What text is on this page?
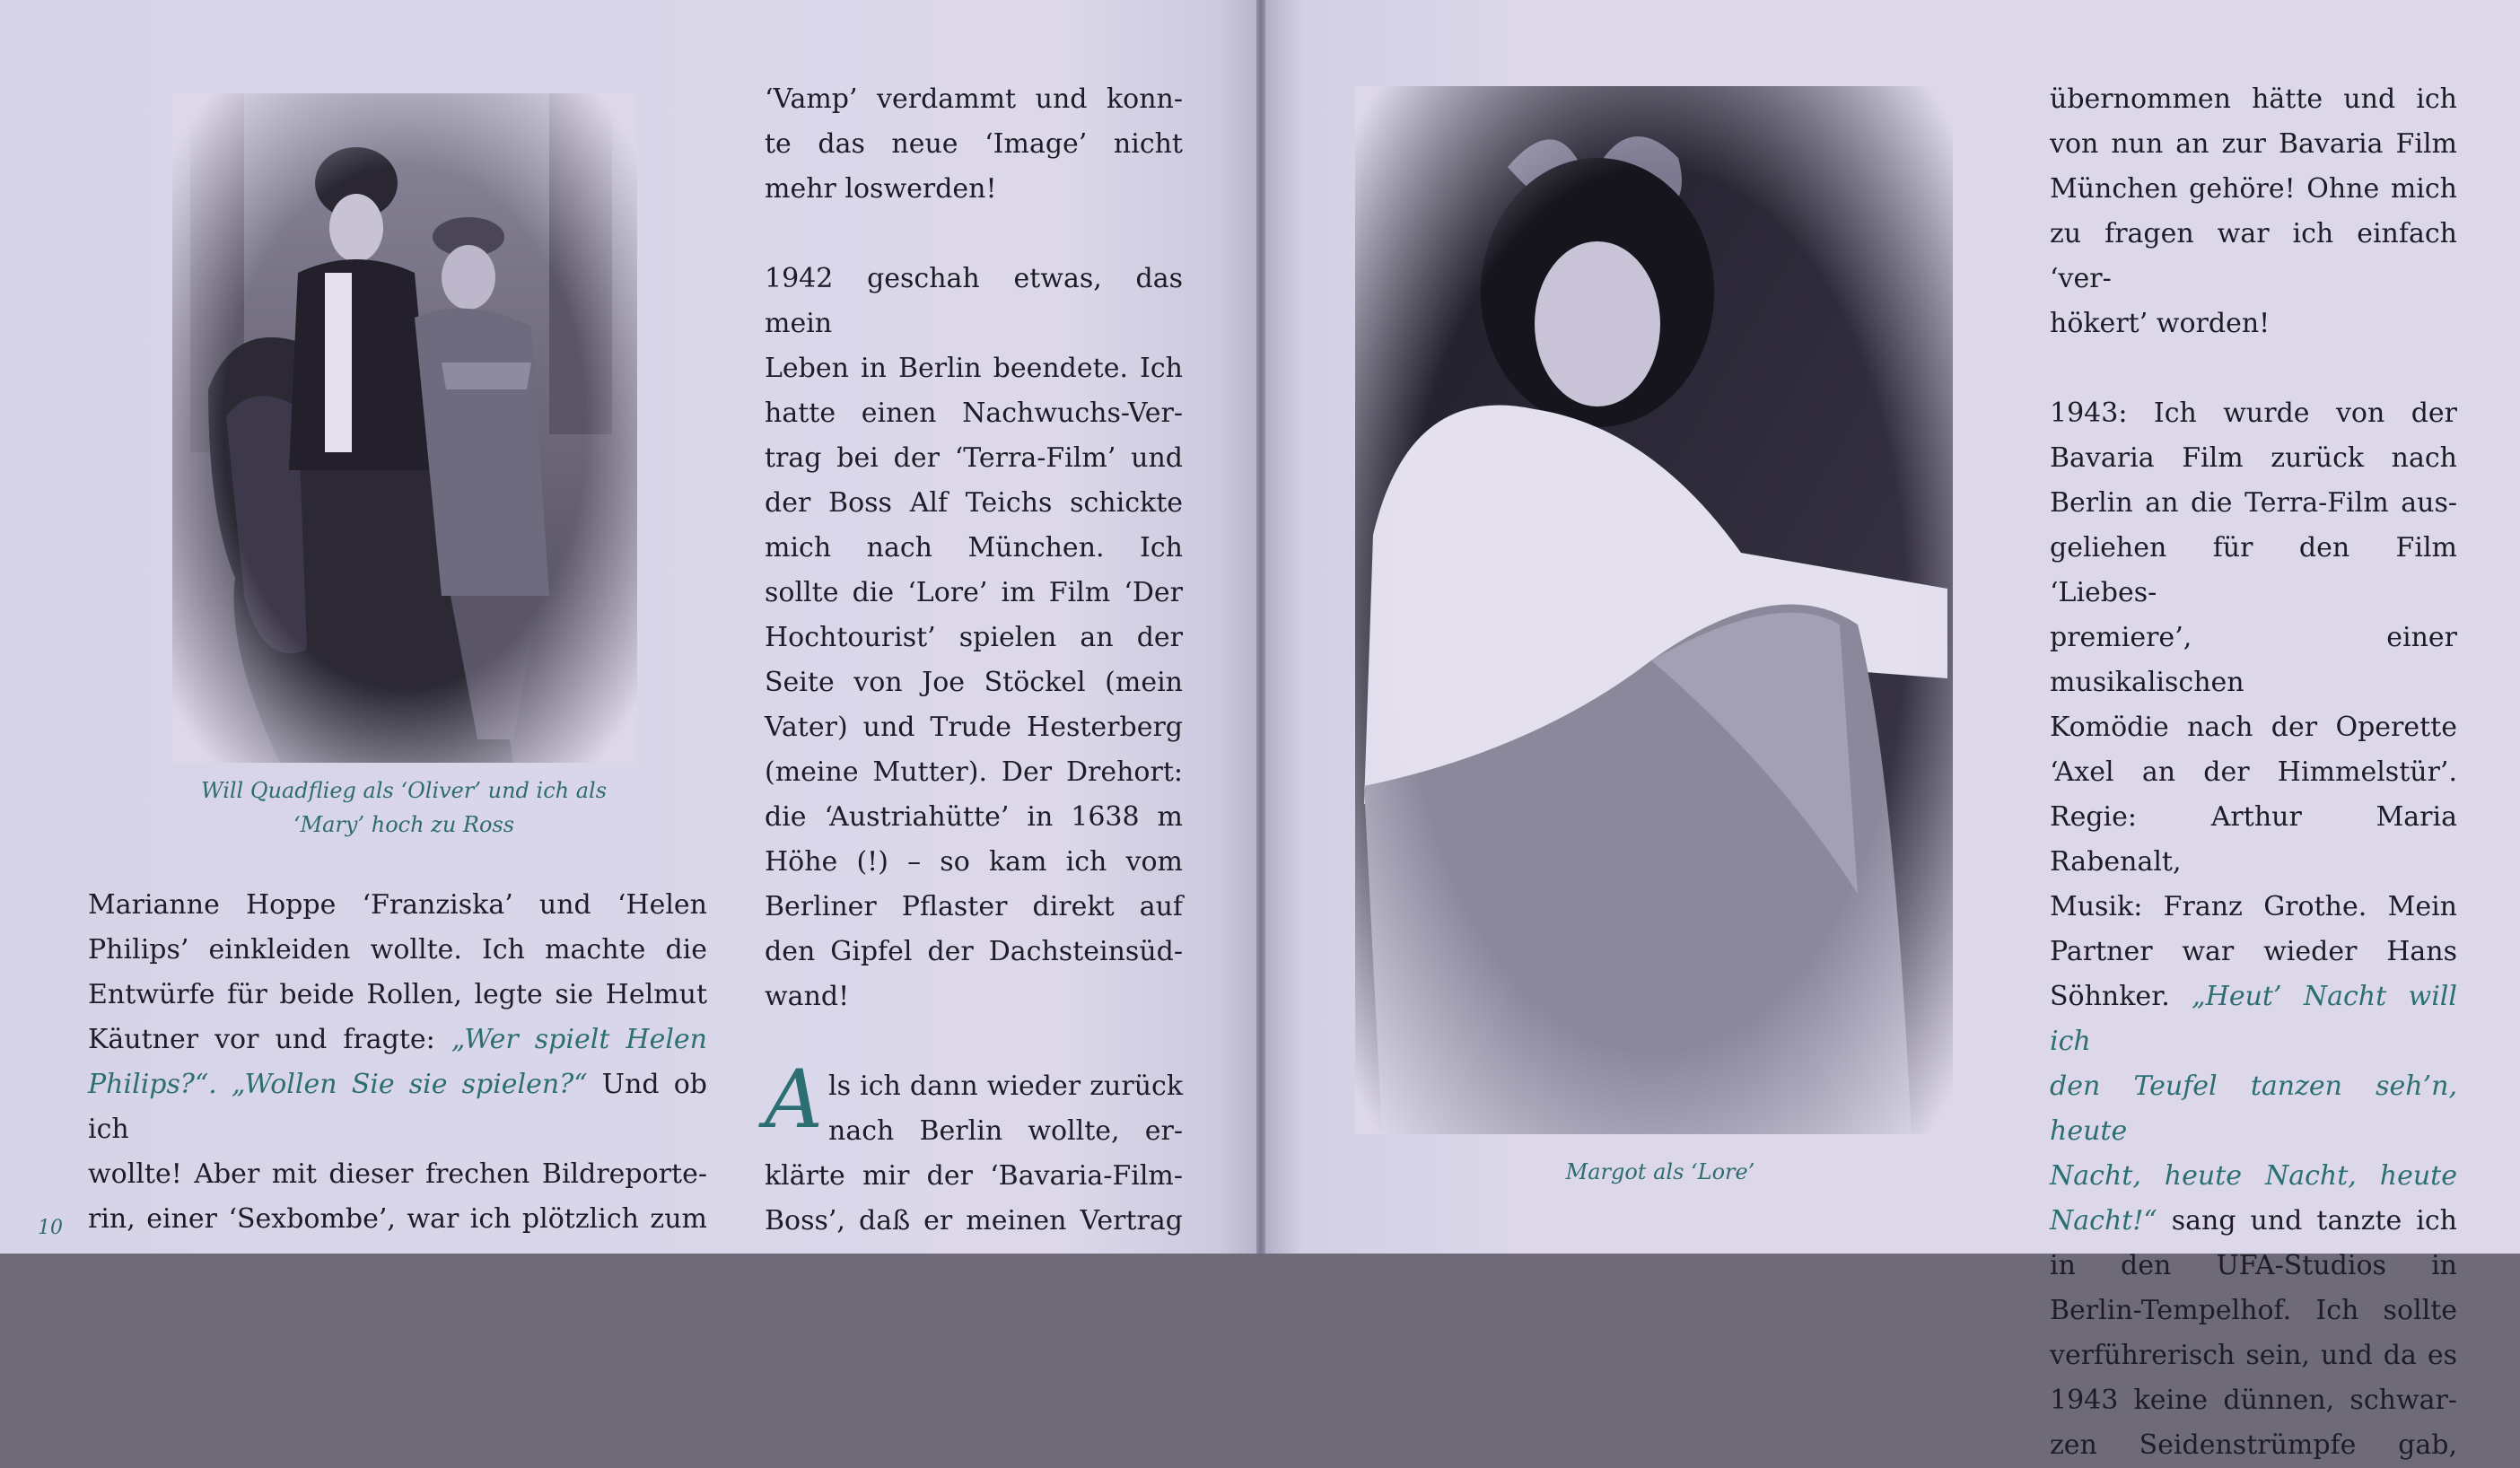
Will Quadflieg als ‘Oliver’ und ich als
‘Mary’ hoch zu Ross

Marianne Hoppe ‘Franziska’ und ‘Helen

Philips’ einkleiden wollte. Ich machte die

Entwürfe für beide Rollen, legte sie Helmut

Käutner vor und fragte: „Wer spielt Helen

Philips?“. „Wollen Sie sie spielen?“ Und ob ich

wollte! Aber mit dieser frechen Bildreporte-

rin, einer ‘Sexbombe’, war ich plötzlich zum

‘Vamp’ verdammt und konn-

te das neue ‘Image’ nicht

mehr loswerden!

1942 geschah etwas, das mein

Leben in Berlin beendete. Ich

hatte einen Nachwuchs-Ver-

trag bei der ‘Terra-Film’ und

der Boss Alf Teichs schickte

mich nach München. Ich

sollte die ‘Lore’ im Film ‘Der

Hochtourist’ spielen an der

Seite von Joe Stöckel (mein

Vater) und Trude Hesterberg

(meine Mutter). Der Drehort:

die ‘Austriahütte’ in 1638 m

Höhe (!) – so kam ich vom

Berliner Pflaster direkt auf

den Gipfel der Dachsteinsüd-

wand!

A ls ich dann wieder zurück

nach Berlin wollte, er-

klärte mir der ‘Bavaria-Film-

Boss’, daß er meinen Vertrag

10
Margot als ‘Lore’

übernommen hätte und ich

von nun an zur Bavaria Film

München gehöre! Ohne mich

zu fragen war ich einfach ‘ver-

hökert’ worden!

1943: Ich wurde von der

Bavaria Film zurück nach

Berlin an die Terra-Film aus-

geliehen für den Film ‘Liebes-

premiere’, einer musikalischen

Komödie nach der Operette

‘Axel an der Himmelstür’.

Regie: Arthur Maria Rabenalt,

Musik: Franz Grothe. Mein

Partner war wieder Hans

Söhnker. „Heut’ Nacht will ich

den Teufel tanzen seh’n, heute

Nacht, heute Nacht, heute

Nacht!“ sang und tanzte ich

in den UFA-Studios in

Berlin-Tempelhof. Ich sollte

verführerisch sein, und da es

1943 keine dünnen, schwar-

zen Seidenstrümpfe gab,
